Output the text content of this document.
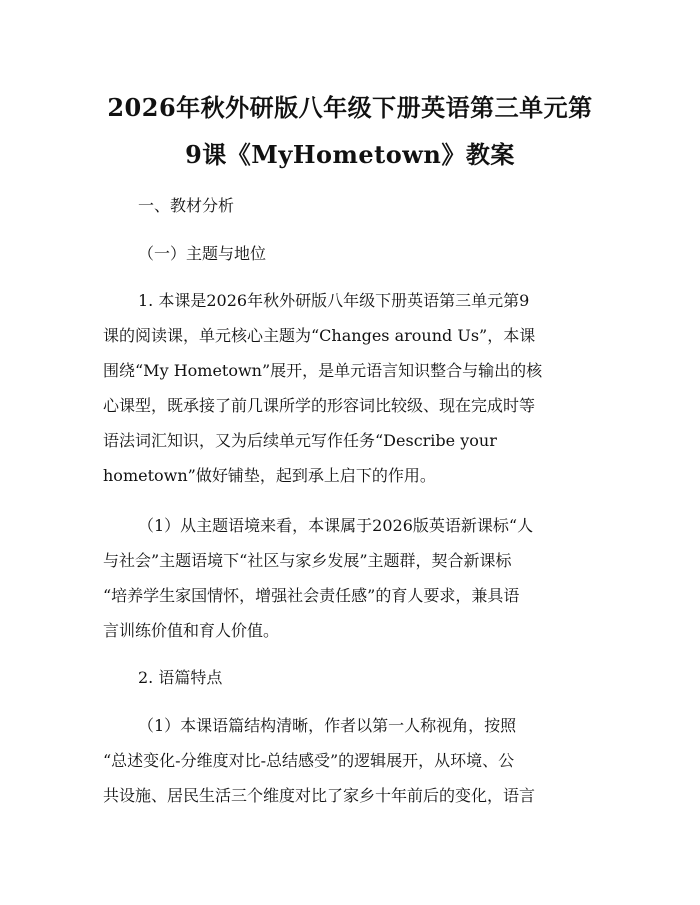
2026年秋外研版八年级下册英语第三单元第
9课《MyHometown》教案
一、教材分析
（一）主题与地位
1. 本课是2026年秋外研版八年级下册英语第三单元第9
课的阅读课，单元核心主题为“Changes around Us”，本课
围绕“My Hometown”展开，是单元语言知识整合与输出的核
心课型，既承接了前几课所学的形容词比较级、现在完成时等
语法词汇知识，又为后续单元写作任务“Describe your
hometown”做好铺垫，起到承上启下的作用。
（1）从主题语境来看，本课属于2026版英语新课标“人
与社会”主题语境下“社区与家乡发展”主题群，契合新课标
“培养学生家国情怀，增强社会责任感”的育人要求，兼具语
言训练价值和育人价值。
2. 语篇特点
（1）本课语篇结构清晰，作者以第一人称视角，按照
“总述变化-分维度对比-总结感受”的逻辑展开，从环境、公
共设施、居民生活三个维度对比了家乡十年前后的变化，语言
